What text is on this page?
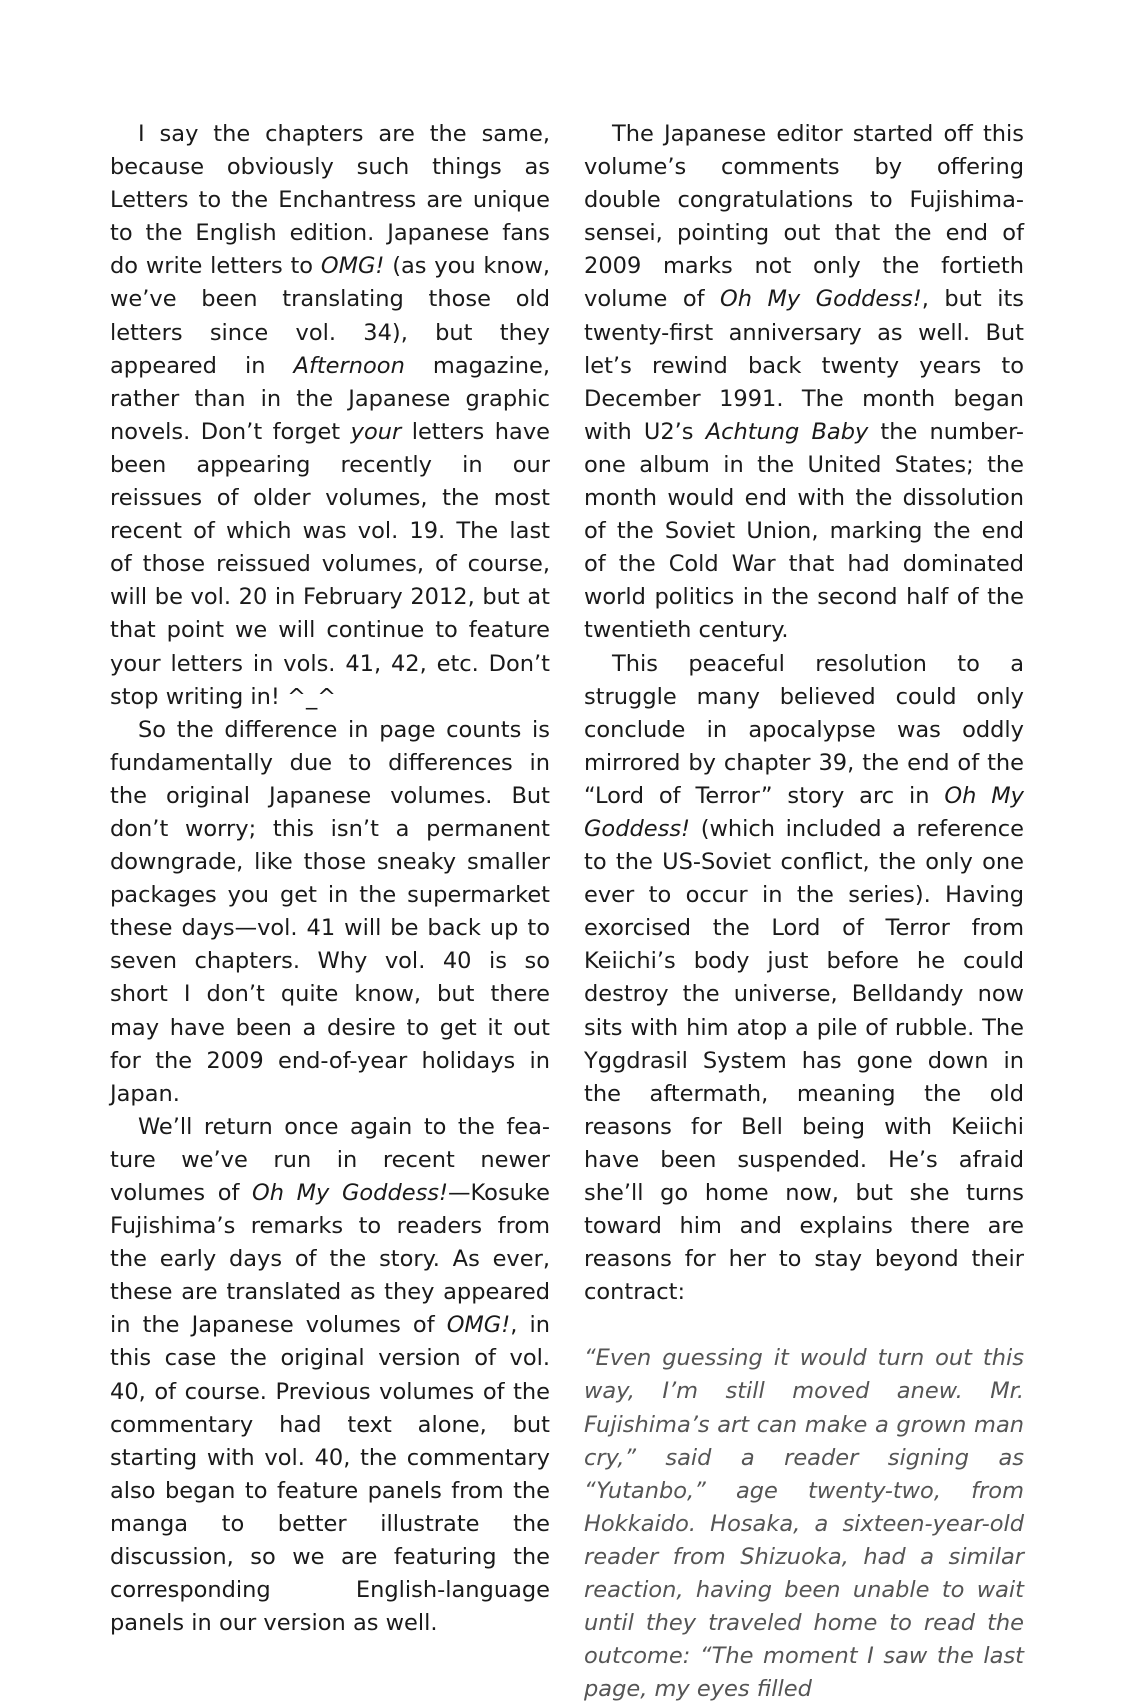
I say the chapters are the same, because obviously such things as Letters to the Enchantress are unique to the English edition. Japanese fans do write letters to OMG! (as you know, we’ve been translating those old letters since vol. 34), but they appeared in Afternoon magazine, rather than in the Japanese graphic novels. Don’t forget your letters have been appearing recently in our reissues of older volumes, the most recent of which was vol. 19. The last of those reissued volumes, of course, will be vol. 20 in February 2012, but at that point we will continue to feature your letters in vols. 41, 42, etc. Don’t stop writing in! ^_^

So the difference in page counts is fundamentally due to differences in the original Japanese volumes. But don’t worry; this isn’t a permanent downgrade, like those sneaky smaller packages you get in the supermarket these days—vol. 41 will be back up to seven chapters. Why vol. 40 is so short I don’t quite know, but there may have been a desire to get it out for the 2009 end-of-year holidays in Japan.

We’ll return once again to the feature we’ve run in recent newer volumes of Oh My Goddess!—Kosuke Fujishima’s remarks to readers from the early days of the story. As ever, these are translated as they appeared in the Japanese volumes of OMG!, in this case the original version of vol. 40, of course. Previous volumes of the commentary had text alone, but starting with vol. 40, the commentary also began to feature panels from the manga to better illustrate the discussion, so we are featuring the corresponding English-language panels in our version as well.

The Japanese editor started off this volume’s comments by offering double congratulations to Fujishima-sensei, pointing out that the end of 2009 marks not only the fortieth volume of Oh My Goddess!, but its twenty-first anniversary as well. But let’s rewind back twenty years to December 1991. The month began with U2’s Achtung Baby the number-one album in the United States; the month would end with the dissolution of the Soviet Union, marking the end of the Cold War that had dominated world politics in the second half of the twentieth century.

This peaceful resolution to a struggle many believed could only conclude in apocalypse was oddly mirrored by chapter 39, the end of the “Lord of Terror” story arc in Oh My Goddess! (which included a reference to the US-Soviet conflict, the only one ever to occur in the series). Having exorcised the Lord of Terror from Keiichi’s body just before he could destroy the universe, Belldandy now sits with him atop a pile of rubble. The Yggdrasil System has gone down in the aftermath, meaning the old reasons for Bell being with Keiichi have been suspended. He’s afraid she’ll go home now, but she turns toward him and explains there are reasons for her to stay beyond their contract:

“Even guessing it would turn out this way, I’m still moved anew. Mr. Fujishima’s art can make a grown man cry,” said a reader signing as “Yutanbo,” age twenty-two, from Hokkaido. Hosaka, a sixteen-year-old reader from Shizuoka, had a similar reaction, having been unable to wait until they traveled home to read the outcome: “The moment I saw the last page, my eyes filled
